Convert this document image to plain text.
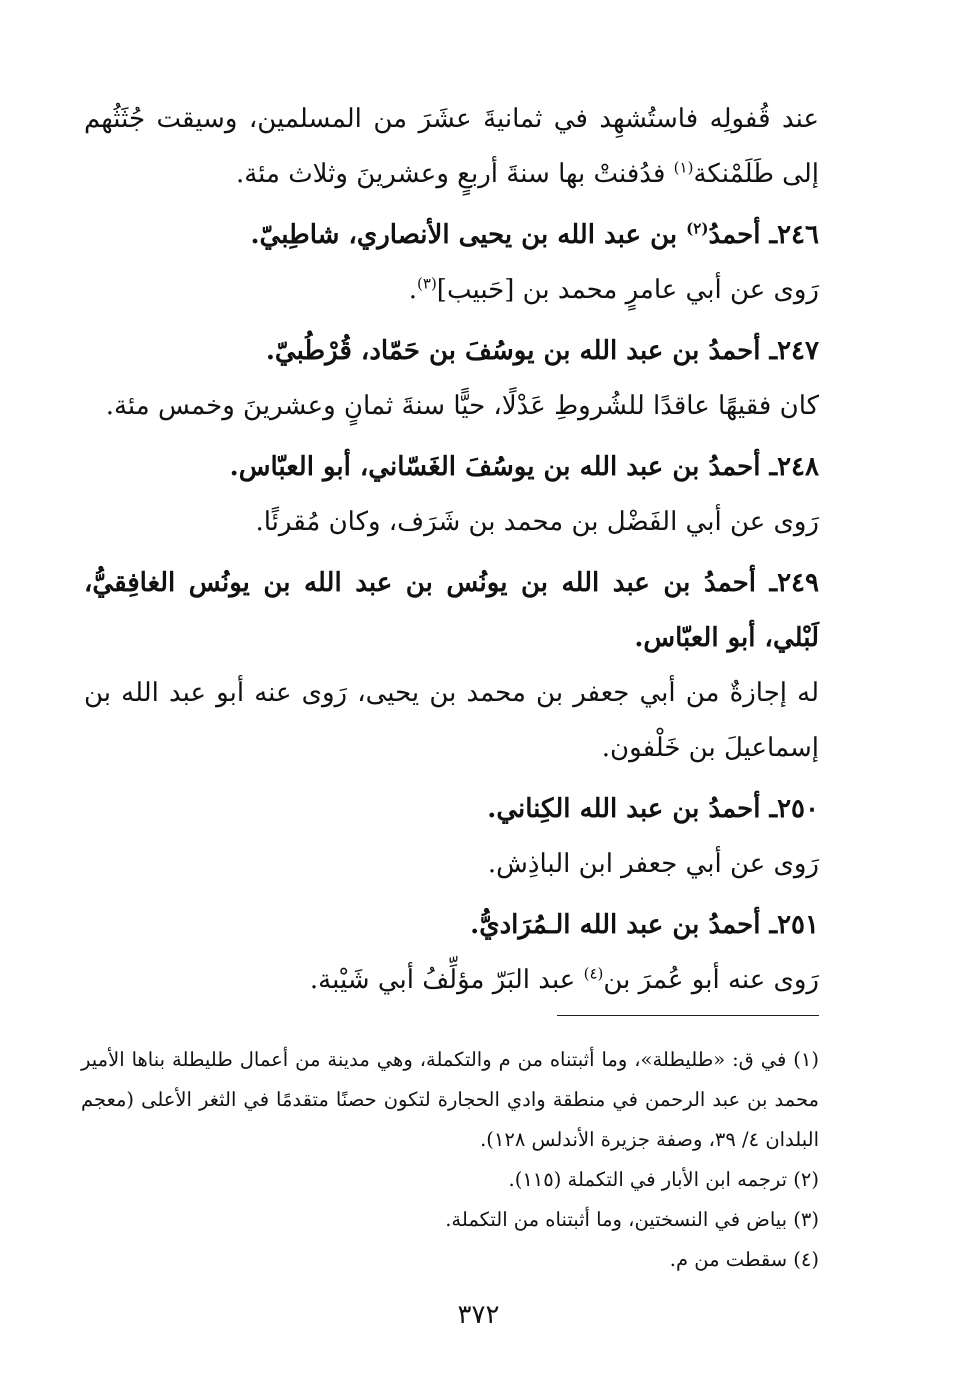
عند قُفولِه فاستُشهِد في ثمانيةَ عشَرَ من المسلمين، وسيقت جُثَثُهم إلى طَلَمْنكة$^{(١)}$ فدُفنتْ بها سنةَ أربعٍ وعشرينَ وثلاث مئة.

٢٤٦ـ أحمدُ$^{(٢)}$ بن عبد الله بن يحيى الأنصاري، شاطِبيّ.

رَوى عن أبي عامرٍ محمد بن [حَبيب]$^{(٣)}$.

٢٤٧ـ أحمدُ بن عبد الله بن يوسُفَ بن حَمّاد، قُرْطُبيّ.

كان فقيهًا عاقدًا للشُروطِ عَدْلًا، حيًّا سنةَ ثمانٍ وعشرينَ وخمس مئة.

٢٤٨ـ أحمدُ بن عبد الله بن يوسُفَ الغَسّاني، أبو العبّاس.

رَوى عن أبي الفَضْل بن محمد بن شَرَف، وكان مُقرئًا.

٢٤٩ـ أحمدُ بن عبد الله بن يونُس بن عبد الله بن يونُس الغافِقيُّ، لَبْلي، أبو العبّاس.

له إجازةٌ من أبي جعفر بن محمد بن يحيى، رَوى عنه أبو عبد الله بن إسماعيلَ بن خَلْفون.

٢٥٠ـ أحمدُ بن عبد الله الكِناني.

رَوى عن أبي جعفر ابن الباذِش.

٢٥١ـ أحمدُ بن عبد الله الـمُرَاديُّ.

رَوى عنه أبو عُمرَ بن$^{(٤)}$ عبد البَرّ مؤلِّفُ أبي شَيْبة.

(١) في ق: «طليطلة»، وما أثبتناه من م والتكملة، وهي مدينة من أعمال طليطلة بناها الأمير محمد بن عبد الرحمن في منطقة وادي الحجارة لتكون حصنًا متقدمًا في الثغر الأعلى (معجم البلدان ٤/ ٣٩، وصفة جزيرة الأندلس ١٢٨).

(٢) ترجمه ابن الأبار في التكملة (١١٥).

(٣) بياض في النسختين، وما أثبتناه من التكملة.

(٤) سقطت من م.

٣٧٢
